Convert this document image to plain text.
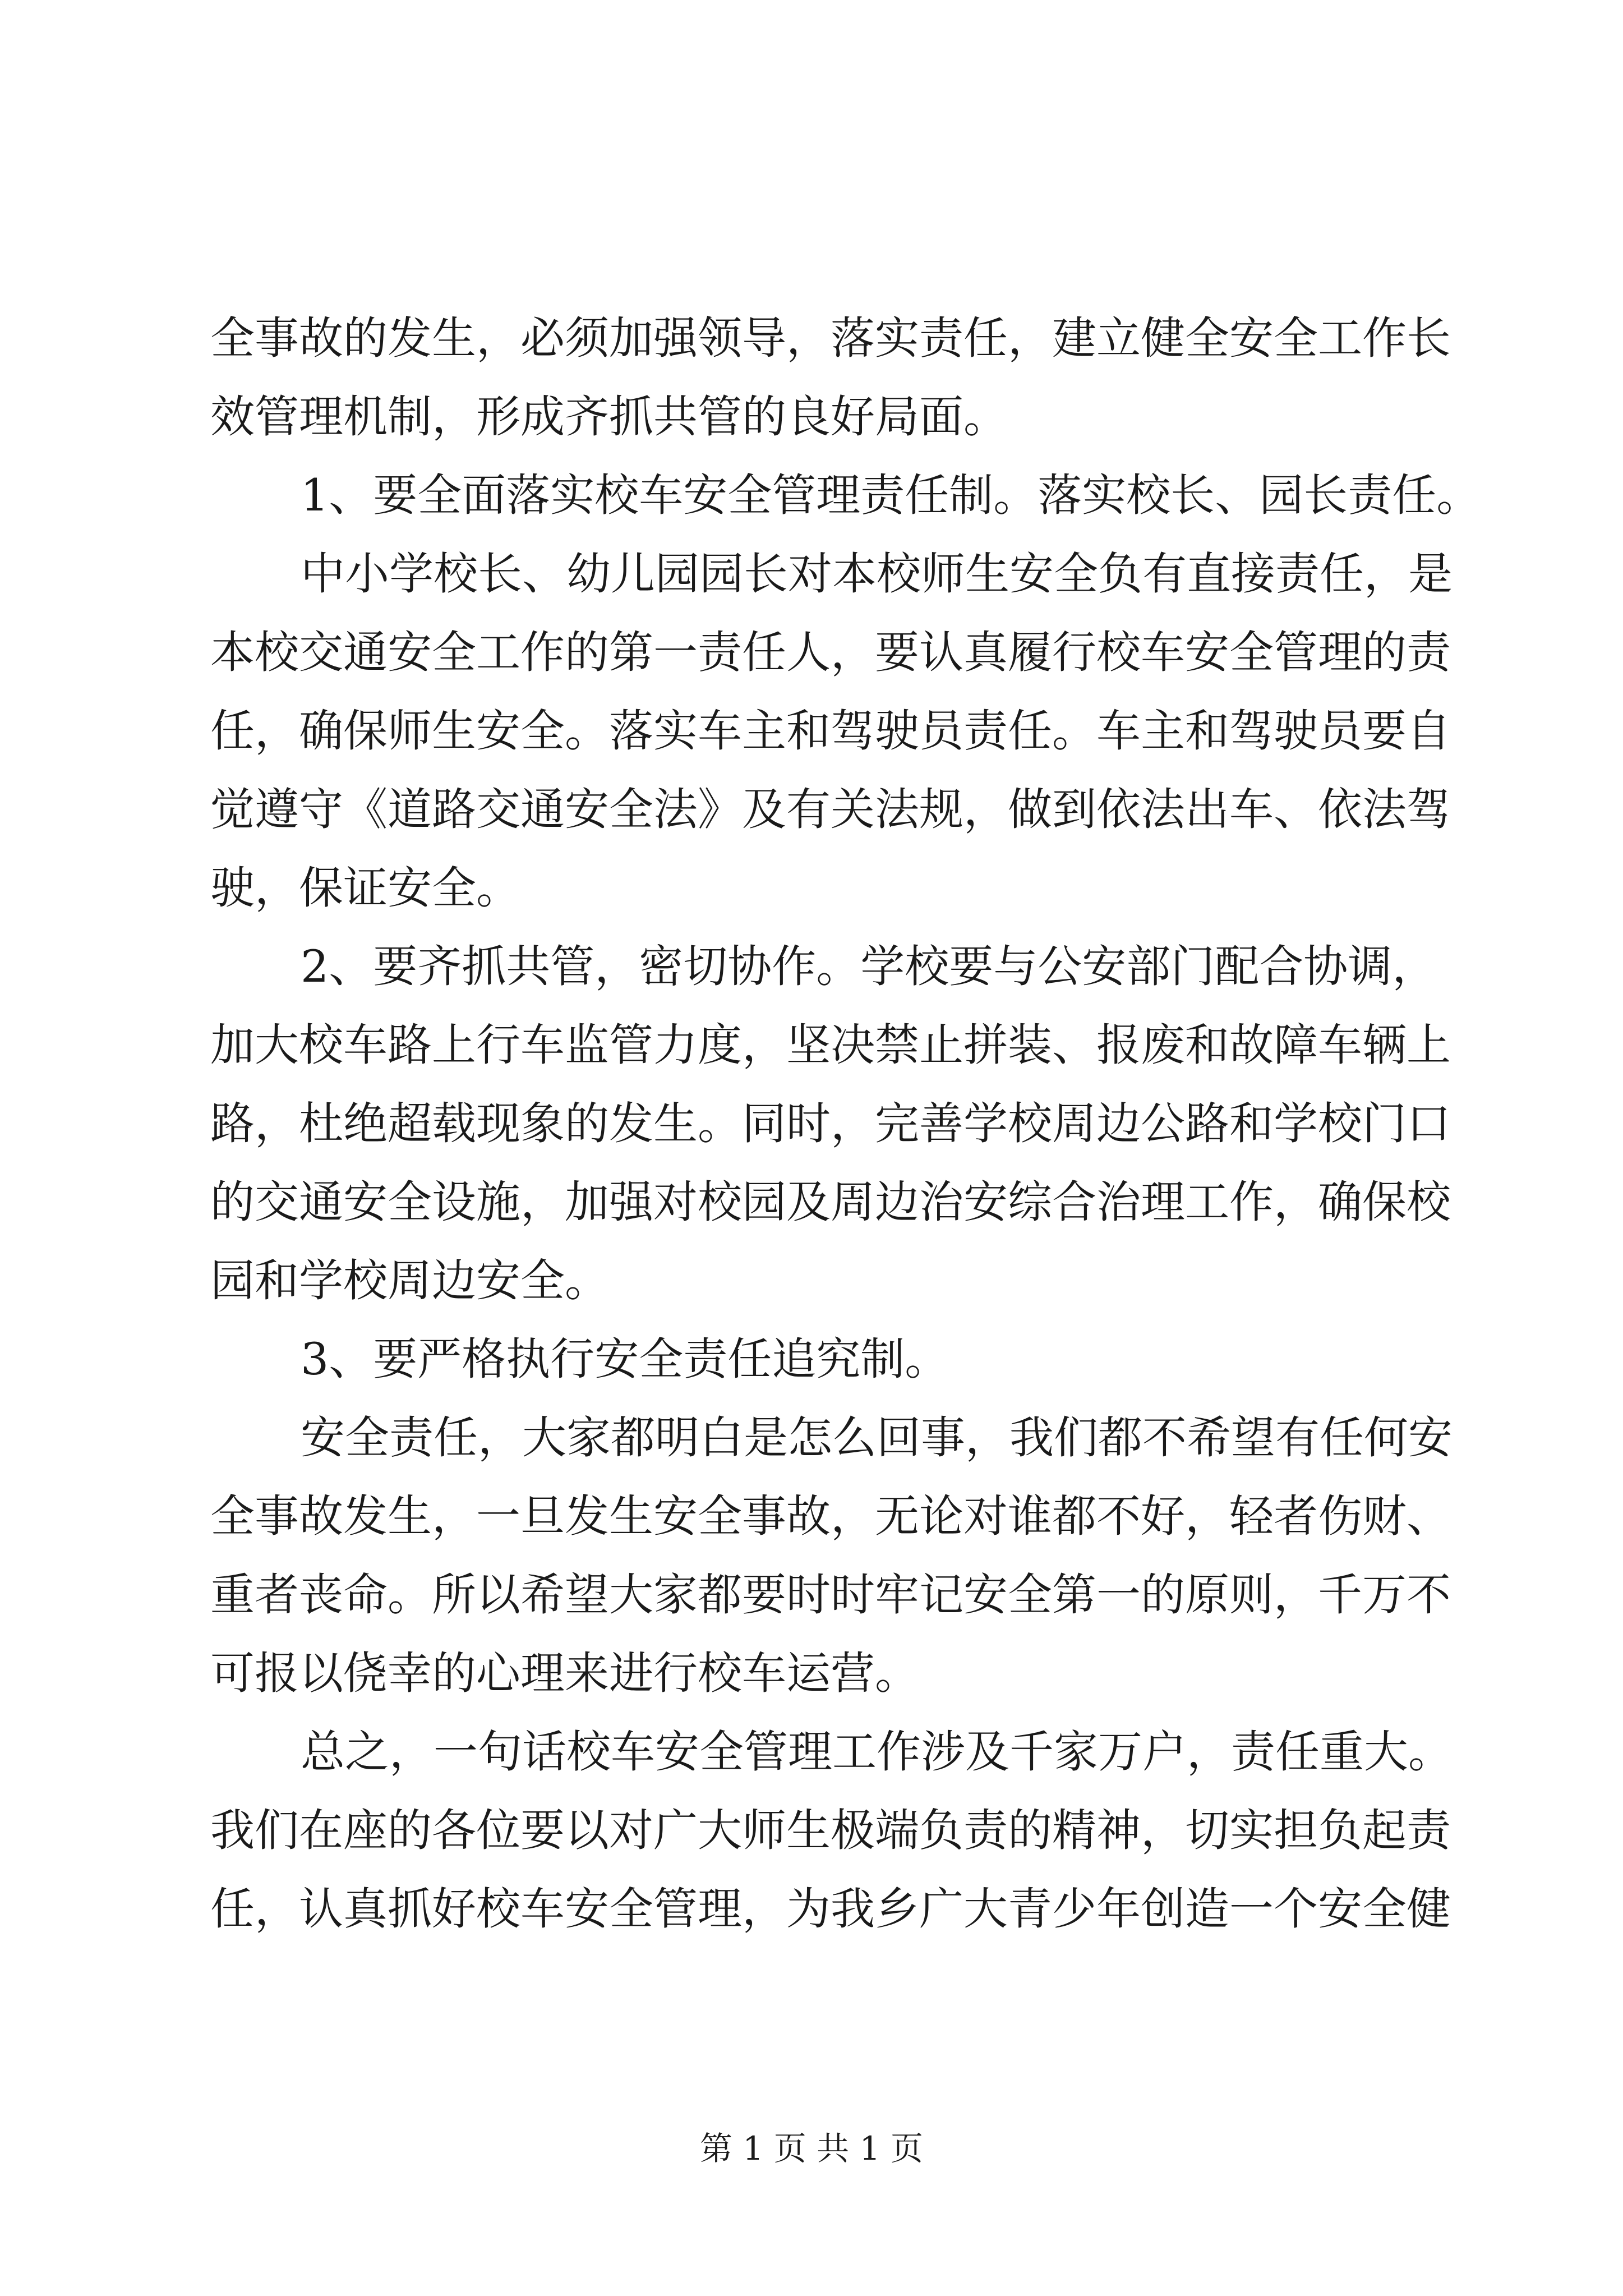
全事故的发生，必须加强领导，落实责任，建立健全安全工作长
效管理机制，形成齐抓共管的良好局面。
1、要全面落实校车安全管理责任制。落实校长、园长责任。
中小学校长、幼儿园园长对本校师生安全负有直接责任，是
本校交通安全工作的第一责任人，要认真履行校车安全管理的责
任，确保师生安全。落实车主和驾驶员责任。车主和驾驶员要自
觉遵守《道路交通安全法》及有关法规，做到依法出车、依法驾
驶，保证安全。
2、要齐抓共管，密切协作。学校要与公安部门配合协调，
加大校车路上行车监管力度，坚决禁止拼装、报废和故障车辆上
路，杜绝超载现象的发生。同时，完善学校周边公路和学校门口
的交通安全设施，加强对校园及周边治安综合治理工作，确保校
园和学校周边安全。
3、要严格执行安全责任追究制。
安全责任，大家都明白是怎么回事，我们都不希望有任何安
全事故发生，一旦发生安全事故，无论对谁都不好，轻者伤财、
重者丧命。所以希望大家都要时时牢记安全第一的原则，千万不
可报以侥幸的心理来进行校车运营。
总之，一句话校车安全管理工作涉及千家万户，责任重大。
我们在座的各位要以对广大师生极端负责的精神，切实担负起责
任，认真抓好校车安全管理，为我乡广大青少年创造一个安全健
第 1 页 共 1 页
